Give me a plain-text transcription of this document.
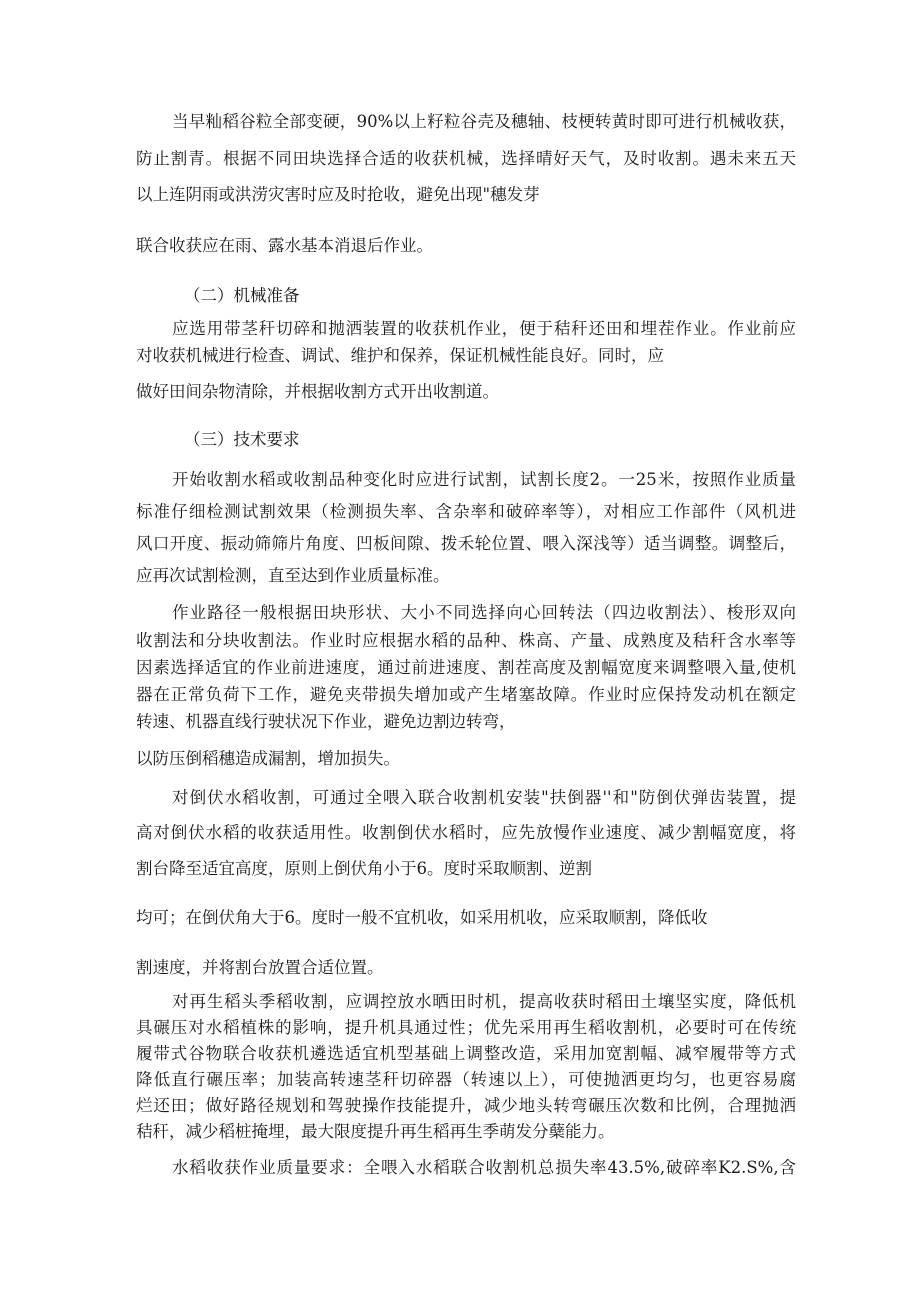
当早籼稻谷粒全部变硬，90%以上籽粒谷壳及穗轴、枝梗转黄时即可进行机械收获，
防止割青。根据不同田块选择合适的收获机械，选择晴好天气，及时收割。遇未来五天
以上连阴雨或洪涝灾害时应及时抢收，避免出现"穗发芽
联合收获应在雨、露水基本消退后作业。
（二）机械准备
应选用带茎秆切碎和抛洒装置的收获机作业，便于秸秆还田和埋茬作业。作业前应
对收获机械进行检查、调试、维护和保养，保证机械性能良好。同时，应
做好田间杂物清除，并根据收割方式开出收割道。
（三）技术要求
开始收割水稻或收割品种变化时应进行试割，试割长度2。一25米，按照作业质量
标准仔细检测试割效果（检测损失率、含杂率和破碎率等），对相应工作部件（风机进
风口开度、振动筛筛片角度、凹板间隙、拨禾轮位置、喂入深浅等）适当调整。调整后，
应再次试割检测，直至达到作业质量标准。
作业路径一般根据田块形状、大小不同选择向心回转法（四边收割法）、梭形双向
收割法和分块收割法。作业时应根据水稻的品种、株高、产量、成熟度及秸秆含水率等
因素选择适宜的作业前进速度，通过前进速度、割茬高度及割幅宽度来调整喂入量,使机
器在正常负荷下工作，避免夹带损失增加或产生堵塞故障。作业时应保持发动机在额定
转速、机器直线行驶状况下作业，避免边割边转弯，
以防压倒稻穗造成漏割，增加损失。
对倒伏水稻收割，可通过全喂入联合收割机安装"扶倒器''和"防倒伏弹齿装置，提
高对倒伏水稻的收获适用性。收割倒伏水稻时，应先放慢作业速度、减少割幅宽度，将
割台降至适宜高度，原则上倒伏角小于6。度时采取顺割、逆割
均可；在倒伏角大于6。度时一般不宜机收，如采用机收，应采取顺割，降低收
割速度，并将割台放置合适位置。
对再生稻头季稻收割，应调控放水晒田时机，提高收获时稻田土壤坚实度，降低机
具碾压对水稻植株的影响，提升机具通过性；优先采用再生稻收割机，必要时可在传统
履带式谷物联合收获机遴选适宜机型基础上调整改造，采用加宽割幅、减窄履带等方式
降低直行碾压率；加装高转速茎秆切碎器（转速以上），可使抛洒更均匀，也更容易腐
烂还田；做好路径规划和驾驶操作技能提升，减少地头转弯碾压次数和比例，合理抛洒
秸秆，减少稻桩掩埋，最大限度提升再生稻再生季萌发分蘖能力。
水稻收获作业质量要求：全喂入水稻联合收割机总损失率43.5%,破碎率K2.S%,含
